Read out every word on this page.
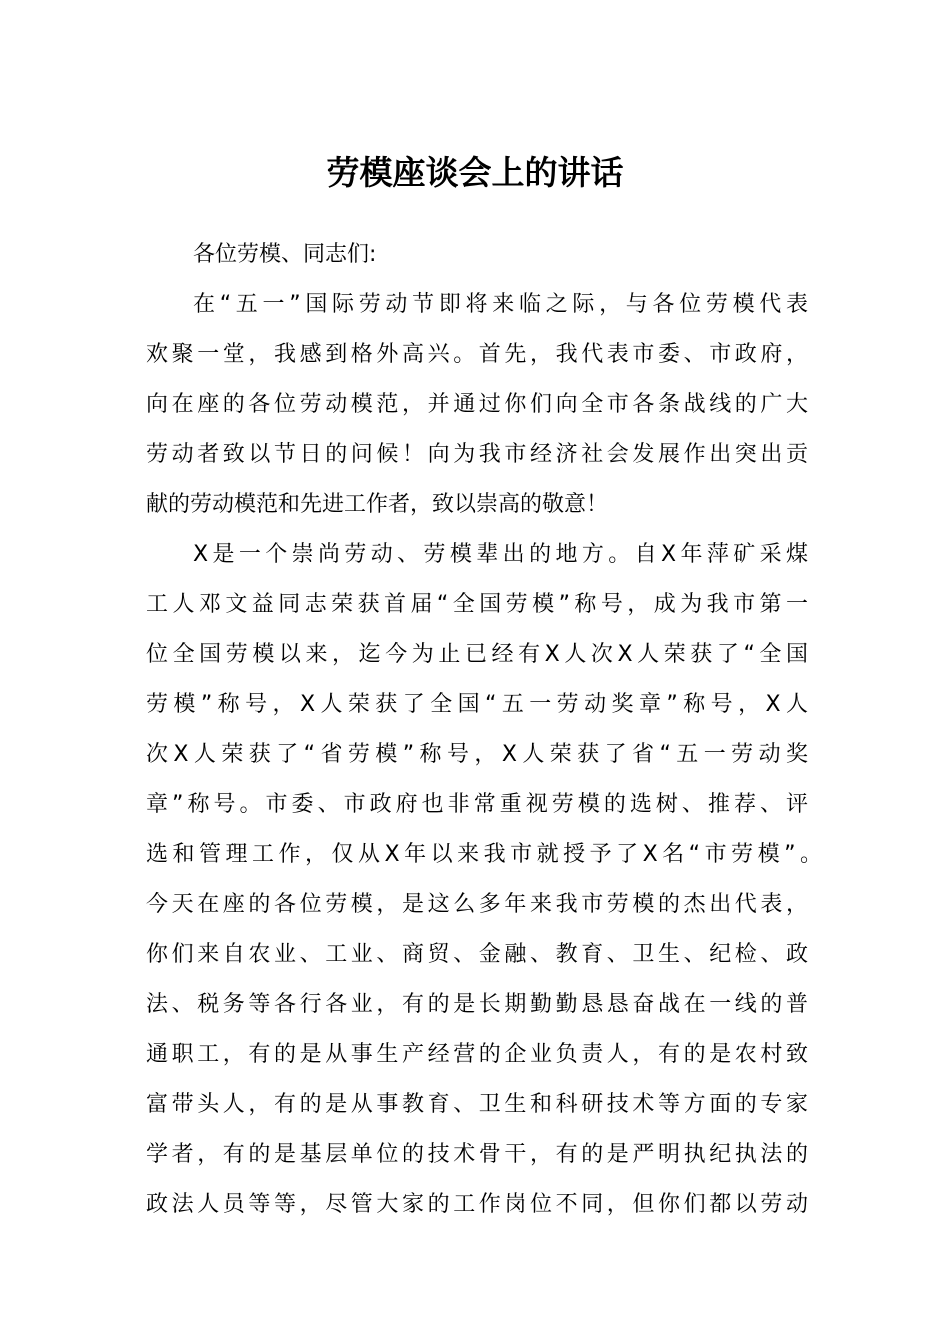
劳模座谈会上的讲话
各位劳模、同志们:
在“五一”国际劳动节即将来临之际，与各位劳模代表
欢聚一堂，我感到格外高兴。首先，我代表市委、市政府，
向在座的各位劳动模范，并通过你们向全市各条战线的广大
劳动者致以节日的问候！向为我市经济社会发展作出突出贡
献的劳动模范和先进工作者，致以崇高的敬意！
X是一个崇尚劳动、劳模辈出的地方。自X年萍矿采煤
工人邓文益同志荣获首届“全国劳模”称号，成为我市第一
位全国劳模以来，迄今为止已经有X人次X人荣获了“全国
劳模”称号，X人荣获了全国“五一劳动奖章”称号，X人
次X人荣获了“省劳模”称号，X人荣获了省“五一劳动奖
章”称号。市委、市政府也非常重视劳模的选树、推荐、评
选和管理工作，仅从X年以来我市就授予了X名“市劳模”。
今天在座的各位劳模，是这么多年来我市劳模的杰出代表，
你们来自农业、工业、商贸、金融、教育、卫生、纪检、政
法、税务等各行各业，有的是长期勤勤恳恳奋战在一线的普
通职工，有的是从事生产经营的企业负责人，有的是农村致
富带头人，有的是从事教育、卫生和科研技术等方面的专家
学者，有的是基层单位的技术骨干，有的是严明执纪执法的
政法人员等等，尽管大家的工作岗位不同，但你们都以劳动
